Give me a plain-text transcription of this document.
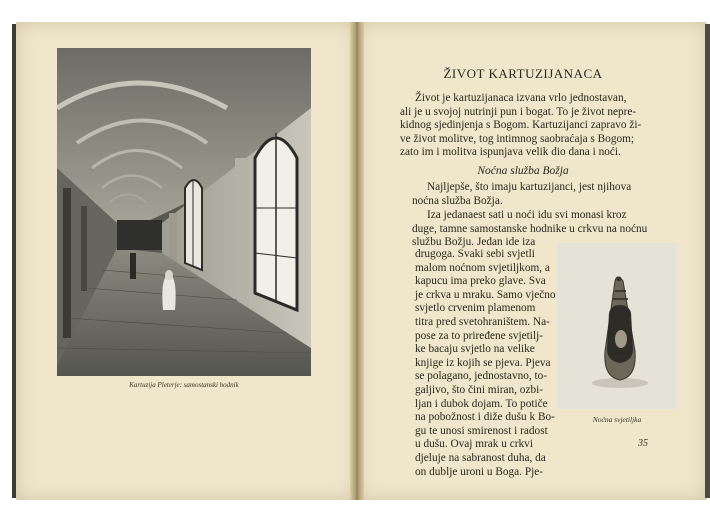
Kartuzija Pleterje: samostanski hodnik
ŽIVOT KARTUZIJANACA
Život je kartuzijanaca izvana vrlo jednostavan,
ali je u svojoj nutrinji pun i bogat. To je život nepre-
kidnog sjedinjenja s Bogom. Kartuzijanci zapravo ži-
ve život molitve, tog intimnog saobraćaja s Bogom;
zato im i molitva ispunjava velik dio dana i noći.
Noćna služba Božja
Najljepše, što imaju kartuzijanci, jest njihova
noćna služba Božja.
Iza jedanaest sati u noći idu svi monasi kroz
duge, tamne samostanske hodnike u crkvu na noćnu
službu Božju. Jedan ide iza
drugoga. Svaki sebi svjetli
malom noćnom svjetiljkom, a
kapucu ima preko glave. Sva
je crkva u mraku. Samo vječno
svjetlo crvenim plamenom
titra pred svetohraništem. Na-
pose za to priređene svjetilj-
ke bacaju svjetlo na velike
knjige iz kojih se pjeva. Pjeva
se polagano, jednostavno, to-
galjivo, što čini miran, ozbi-
ljan i dubok dojam. To potiče
na pobožnost i diže dušu k Bo-
gu te unosi smirenost i radost
u dušu. Ovaj mrak u crkvi
djeluje na sabranost duha, da
on dublje uroni u Boga. Pje-
Noćna svjetiljka
35
